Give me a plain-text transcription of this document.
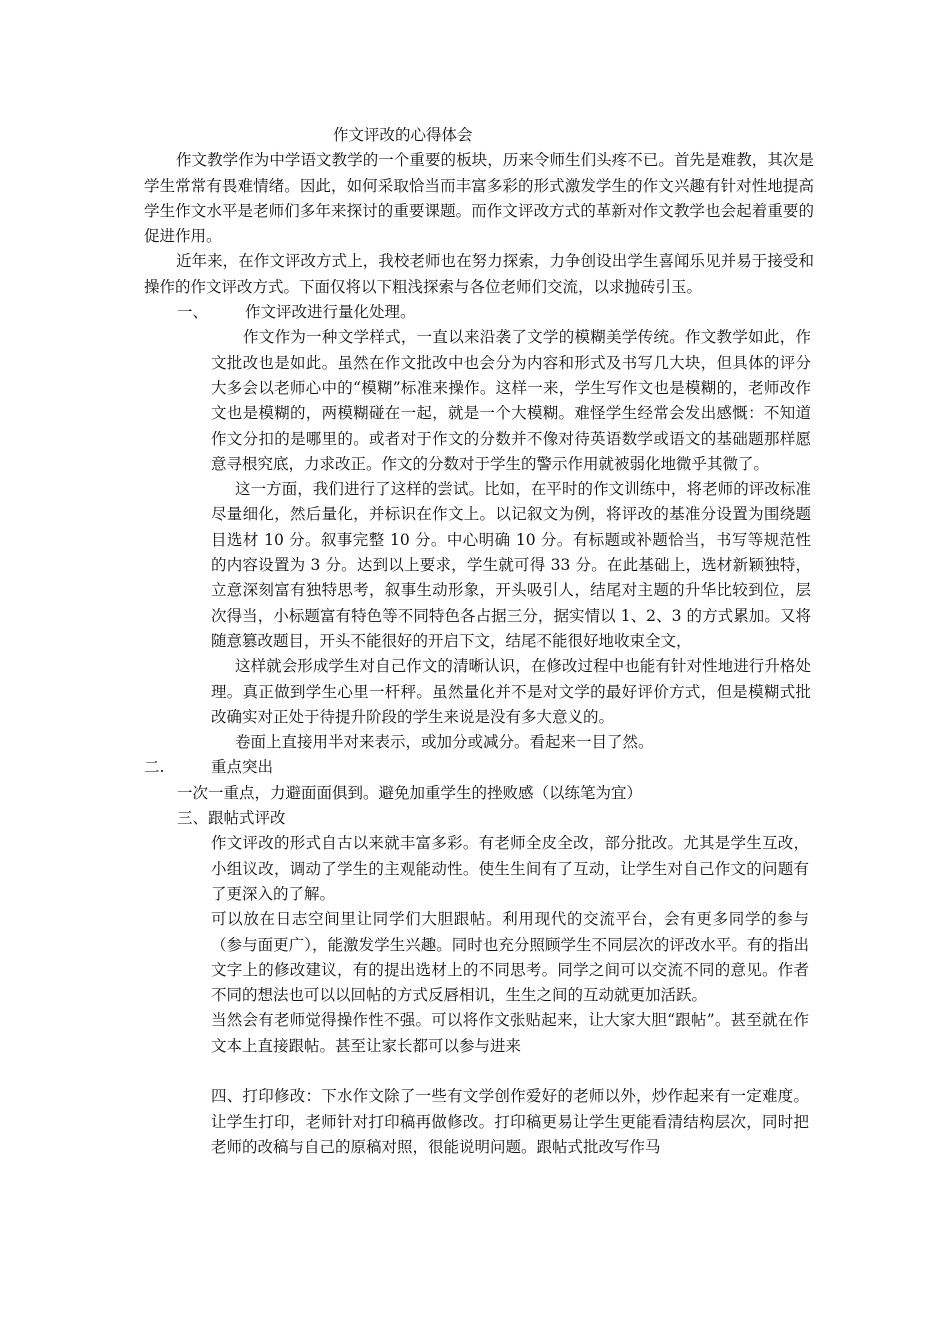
作文评改的心得体会
作文教学作为中学语文教学的一个重要的板块，历来令师生们头疼不已。首先是难教，其次是学生常常有畏难情绪。因此，如何采取恰当而丰富多彩的形式激发学生的作文兴趣有针对性地提高学生作文水平是老师们多年来探讨的重要课题。而作文评改方式的革新对作文教学也会起着重要的促进作用。
近年来，在作文评改方式上，我校老师也在努力探索，力争创设出学生喜闻乐见并易于接受和操作的作文评改方式。下面仅将以下粗浅探索与各位老师们交流，以求抛砖引玉。
一、 作文评改进行量化处理。
作文作为一种文学样式，一直以来沿袭了文学的模糊美学传统。作文教学如此，作文批改也是如此。虽然在作文批改中也会分为内容和形式及书写几大块，但具体的评分大多会以老师心中的“模糊”标准来操作。这样一来，学生写作文也是模糊的，老师改作文也是模糊的，两模糊碰在一起，就是一个大模糊。难怪学生经常会发出感慨：不知道作文分扣的是哪里的。或者对于作文的分数并不像对待英语数学或语文的基础题那样愿意寻根究底，力求改正。作文的分数对于学生的警示作用就被弱化地微乎其微了。
这一方面，我们进行了这样的尝试。比如，在平时的作文训练中，将老师的评改标准尽量细化，然后量化，并标识在作文上。以记叙文为例，将评改的基准分设置为围绕题目选材 10 分。叙事完整 10 分。中心明确 10 分。有标题或补题恰当，书写等规范性的内容设置为 3 分。达到以上要求，学生就可得 33 分。在此基础上，选材新颖独特，立意深刻富有独特思考，叙事生动形象，开头吸引人，结尾对主题的升华比较到位，层次得当，小标题富有特色等不同特色各占据三分，据实情以 1、2、3 的方式累加。又将随意篡改题目，开头不能很好的开启下文，结尾不能很好地收束全文，
这样就会形成学生对自己作文的清晰认识，在修改过程中也能有针对性地进行升格处理。真正做到学生心里一杆秤。虽然量化并不是对文学的最好评价方式，但是模糊式批改确实对正处于待提升阶段的学生来说是没有多大意义的。
卷面上直接用半对来表示，或加分或减分。看起来一目了然。
二.	重点突出
一次一重点，力避面面俱到。避免加重学生的挫败感（以练笔为宜）
三、跟帖式评改
作文评改的形式自古以来就丰富多彩。有老师全皮全改，部分批改。尤其是学生互改，小组议改，调动了学生的主观能动性。使生生间有了互动，让学生对自己作文的问题有了更深入的了解。
可以放在日志空间里让同学们大胆跟帖。利用现代的交流平台，会有更多同学的参与（参与面更广），能激发学生兴趣。同时也充分照顾学生不同层次的评改水平。有的指出文字上的修改建议，有的提出选材上的不同思考。同学之间可以交流不同的意见。作者不同的想法也可以以回帖的方式反唇相讥，生生之间的互动就更加活跃。
当然会有老师觉得操作性不强。可以将作文张贴起来，让大家大胆“跟帖”。甚至就在作文本上直接跟帖。甚至让家长都可以参与进来
四、打印修改：下水作文除了一些有文学创作爱好的老师以外，炒作起来有一定难度。让学生打印，老师针对打印稿再做修改。打印稿更易让学生更能看清结构层次，同时把老师的改稿与自己的原稿对照，很能说明问题。跟帖式批改写作马
